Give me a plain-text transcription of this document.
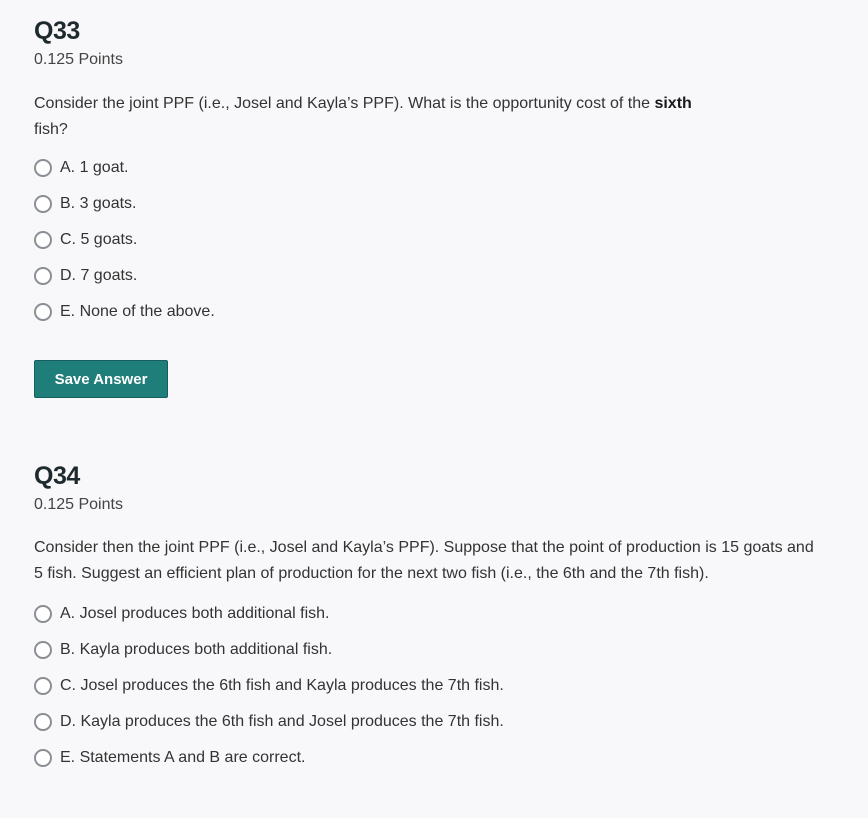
Q33

0.125 Points

Consider the joint PPF (i.e., Josel and Kayla’s PPF). What is the opportunity cost of the sixth
fish?

A. 1 goat.
B. 3 goats.
C. 5 goats.
D. 7 goats.
E. None of the above.
Save Answer
Q34

0.125 Points

Consider then the joint PPF (i.e., Josel and Kayla’s PPF). Suppose that the point of production is 15 goats and 5 fish. Suggest an efficient plan of production for the next two fish (i.e., the 6th and the 7th fish).

A. Josel produces both additional fish.
B. Kayla produces both additional fish.
C. Josel produces the 6th fish and Kayla produces the 7th fish.
D. Kayla produces the 6th fish and Josel produces the 7th fish.
E. Statements A and B are correct.
